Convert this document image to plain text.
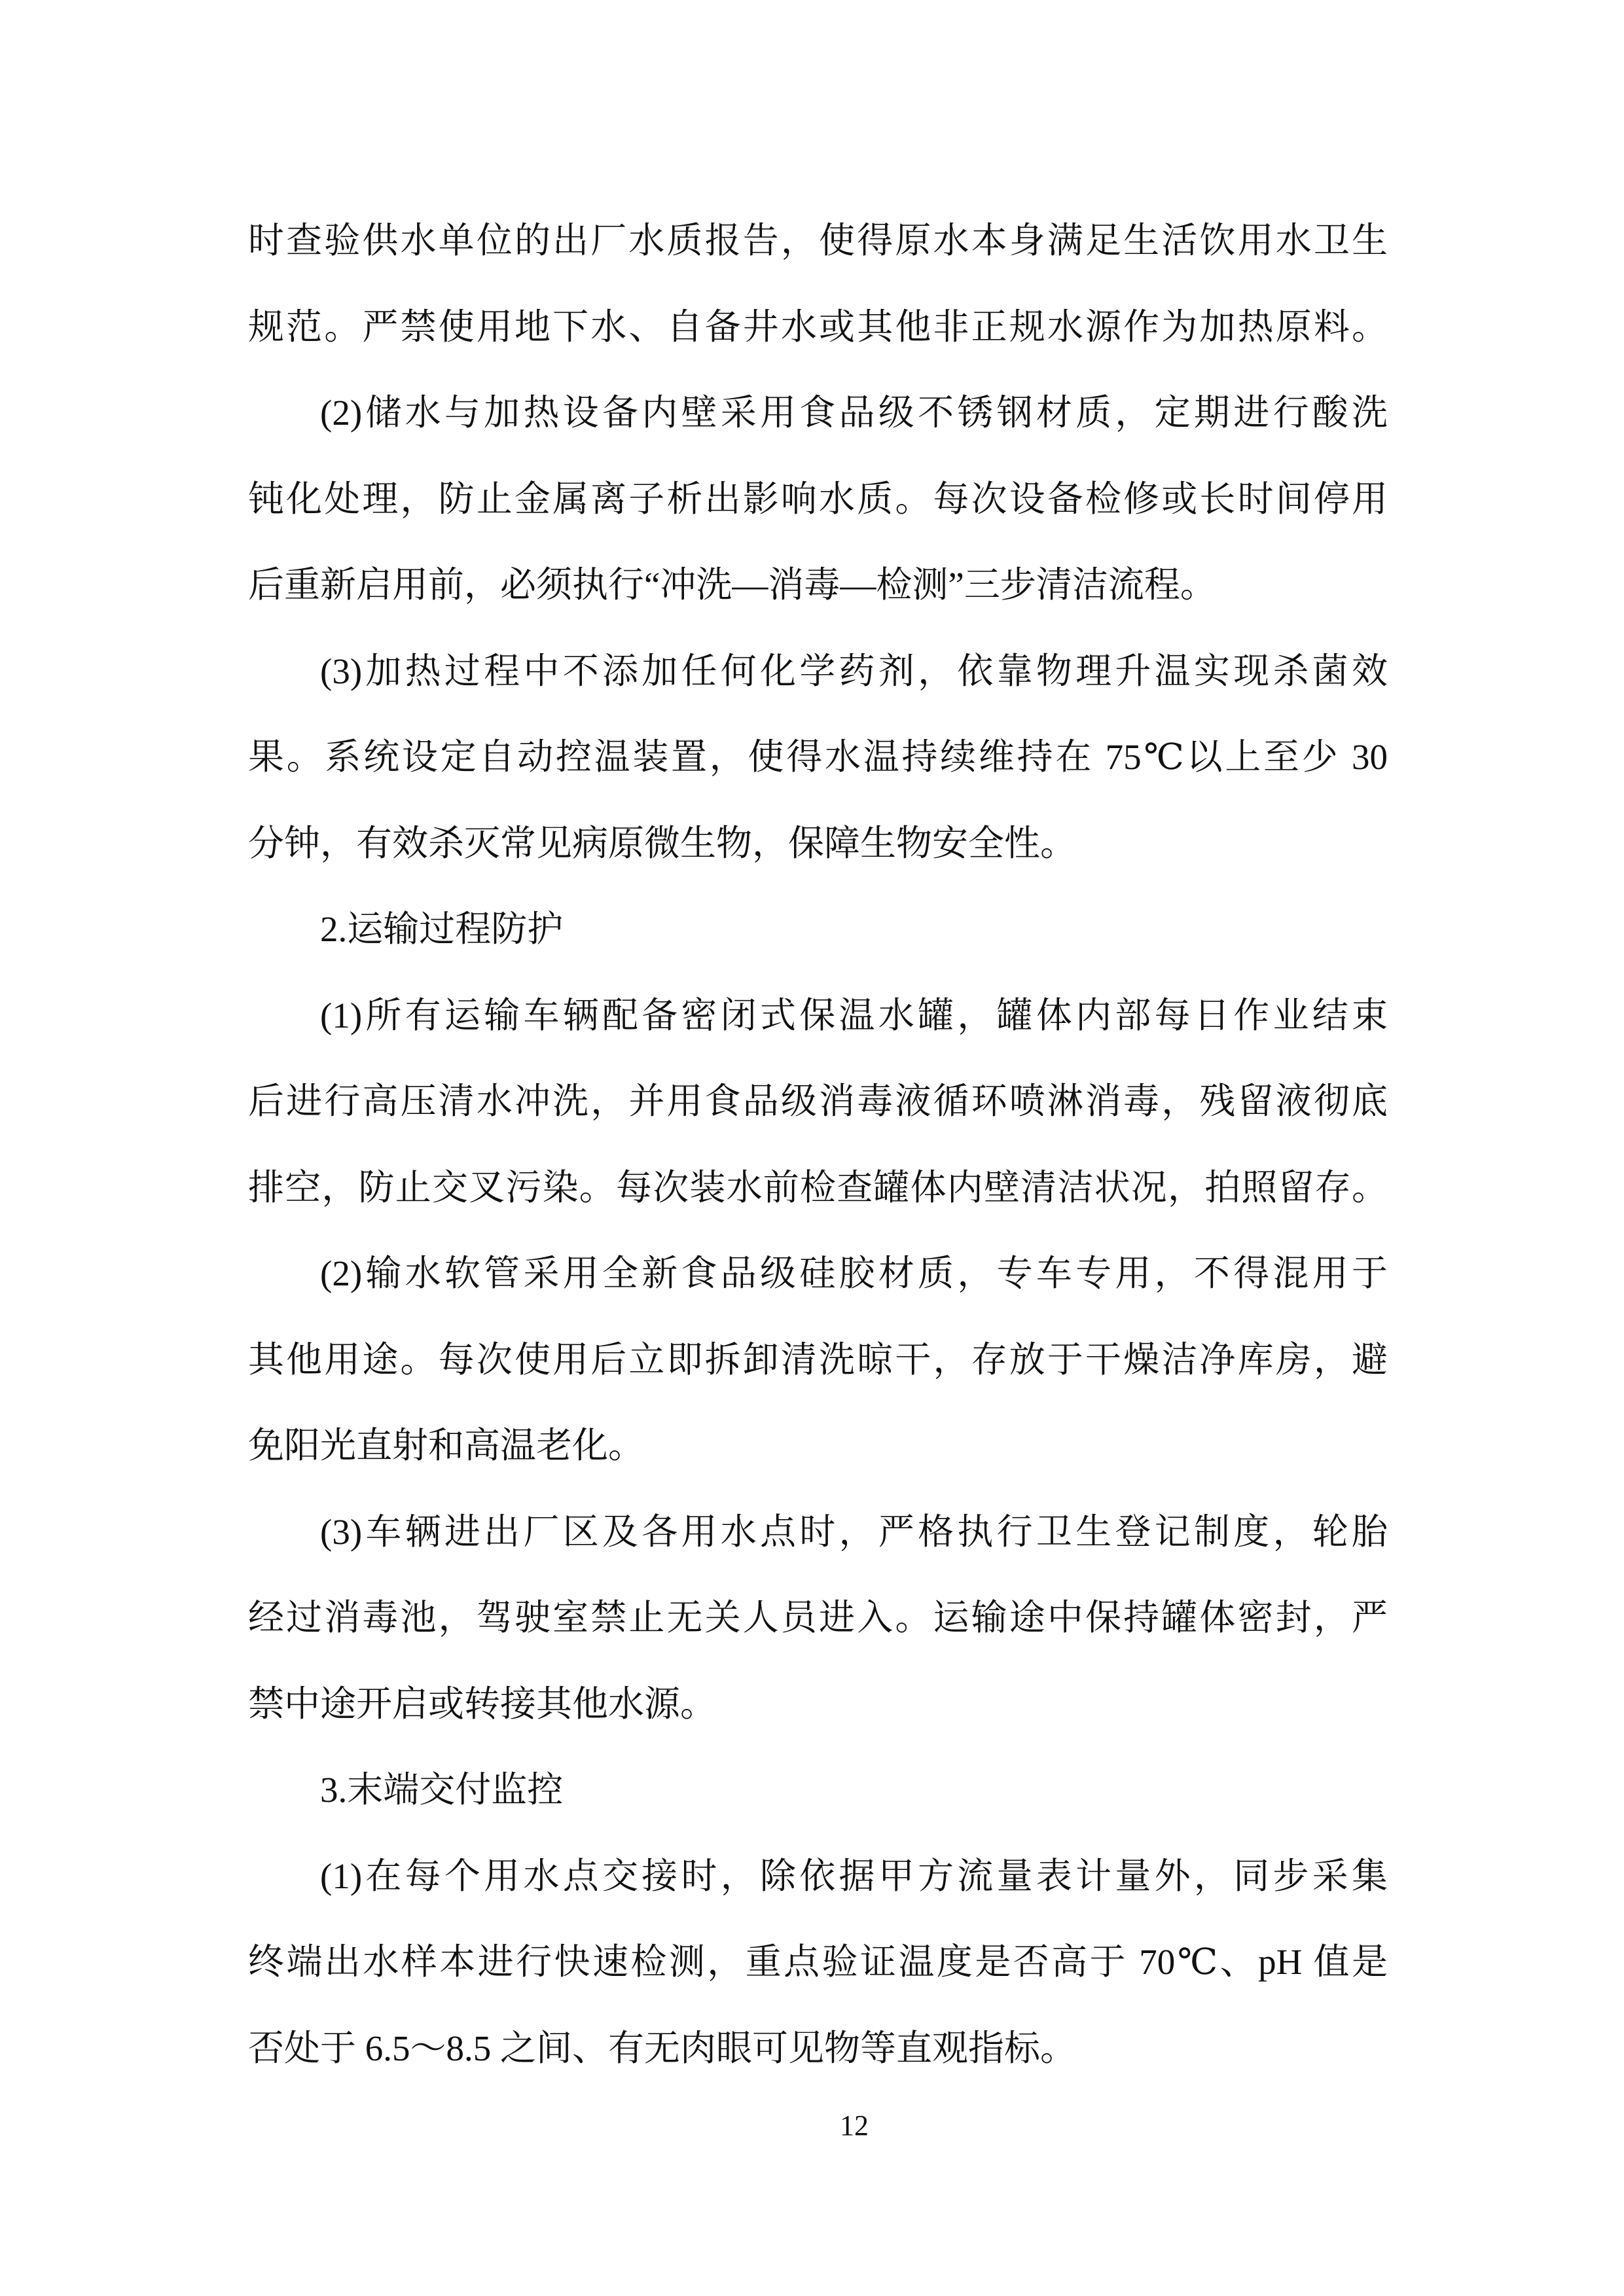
时查验供水单位的出厂水质报告，使得原水本身满足生活饮用水卫生
规范。严禁使用地下水、自备井水或其他非正规水源作为加热原料。
(2)储水与加热设备内壁采用食品级不锈钢材质，定期进行酸洗
钝化处理，防止金属离子析出影响水质。每次设备检修或长时间停用
后重新启用前，必须执行“冲洗—消毒—检测”三步清洁流程。
(3)加热过程中不添加任何化学药剂，依靠物理升温实现杀菌效
果。系统设定自动控温装置，使得水温持续维持在 75℃以上至少 30
分钟，有效杀灭常见病原微生物，保障生物安全性。
2.运输过程防护
(1)所有运输车辆配备密闭式保温水罐，罐体内部每日作业结束
后进行高压清水冲洗，并用食品级消毒液循环喷淋消毒，残留液彻底
排空，防止交叉污染。每次装水前检查罐体内壁清洁状况，拍照留存。
(2)输水软管采用全新食品级硅胶材质，专车专用，不得混用于
其他用途。每次使用后立即拆卸清洗晾干，存放于干燥洁净库房，避
免阳光直射和高温老化。
(3)车辆进出厂区及各用水点时，严格执行卫生登记制度，轮胎
经过消毒池，驾驶室禁止无关人员进入。运输途中保持罐体密封，严
禁中途开启或转接其他水源。
3.末端交付监控
(1)在每个用水点交接时，除依据甲方流量表计量外，同步采集
终端出水样本进行快速检测，重点验证温度是否高于 70℃、pH 值是
否处于 6.5～8.5 之间、有无肉眼可见物等直观指标。
12
